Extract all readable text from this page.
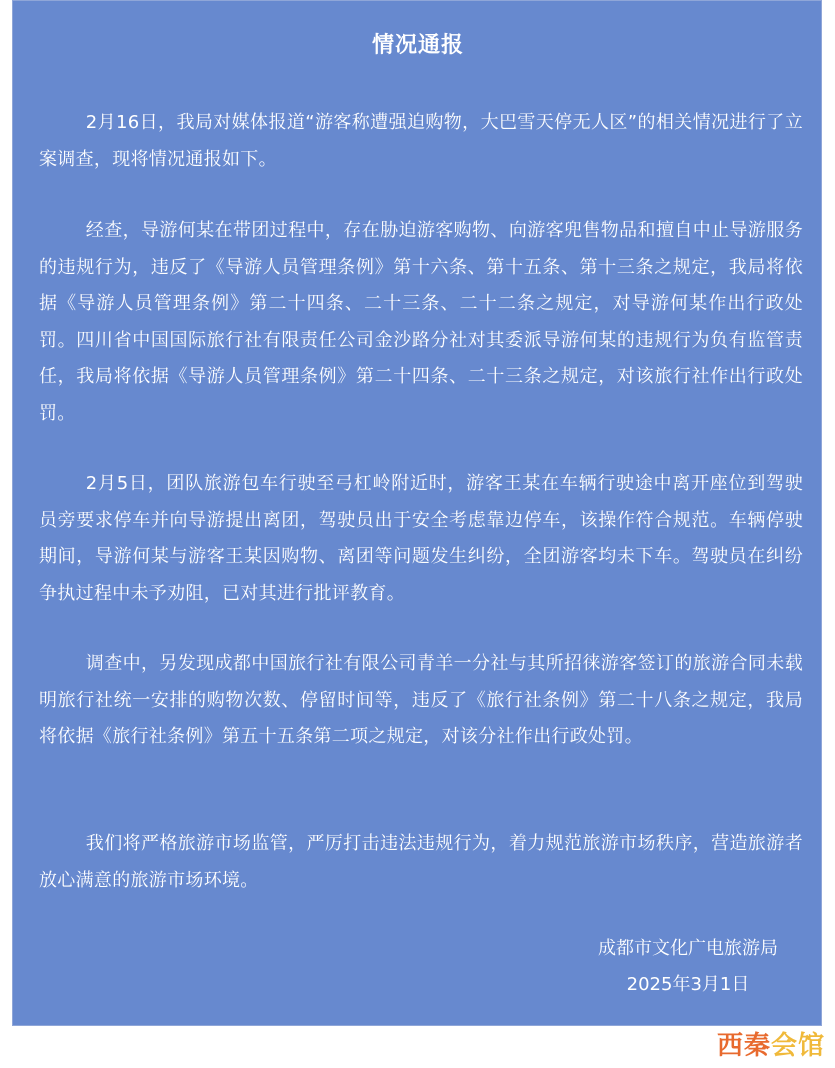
情况通报

2月16日，我局对媒体报道“游客称遭强迫购物，大巴雪天停无人区”的相关情况进行了立案调查，现将情况通报如下。

经查，导游何某在带团过程中，存在胁迫游客购物、向游客兜售物品和擅自中止导游服务的违规行为，违反了《导游人员管理条例》第十六条、第十五条、第十三条之规定，我局将依据《导游人员管理条例》第二十四条、二十三条、二十二条之规定，对导游何某作出行政处罚。四川省中国国际旅行社有限责任公司金沙路分社对其委派导游何某的违规行为负有监管责任，我局将依据《导游人员管理条例》第二十四条、二十三条之规定，对该旅行社作出行政处罚。

2月5日，团队旅游包车行驶至弓杠岭附近时，游客王某在车辆行驶途中离开座位到驾驶员旁要求停车并向导游提出离团，驾驶员出于安全考虑靠边停车，该操作符合规范。车辆停驶期间，导游何某与游客王某因购物、离团等问题发生纠纷，全团游客均未下车。驾驶员在纠纷争执过程中未予劝阻，已对其进行批评教育。

调查中，另发现成都中国旅行社有限公司青羊一分社与其所招徕游客签订的旅游合同未载明旅行社统一安排的购物次数、停留时间等，违反了《旅行社条例》第二十八条之规定，我局将依据《旅行社条例》第五十五条第二项之规定，对该分社作出行政处罚。

我们将严格旅游市场监管，严厉打击违法违规行为，着力规范旅游市场秩序，营造旅游者放心满意的旅游市场环境。

成都市文化广电旅游局
2025年3月1日
西秦会馆
